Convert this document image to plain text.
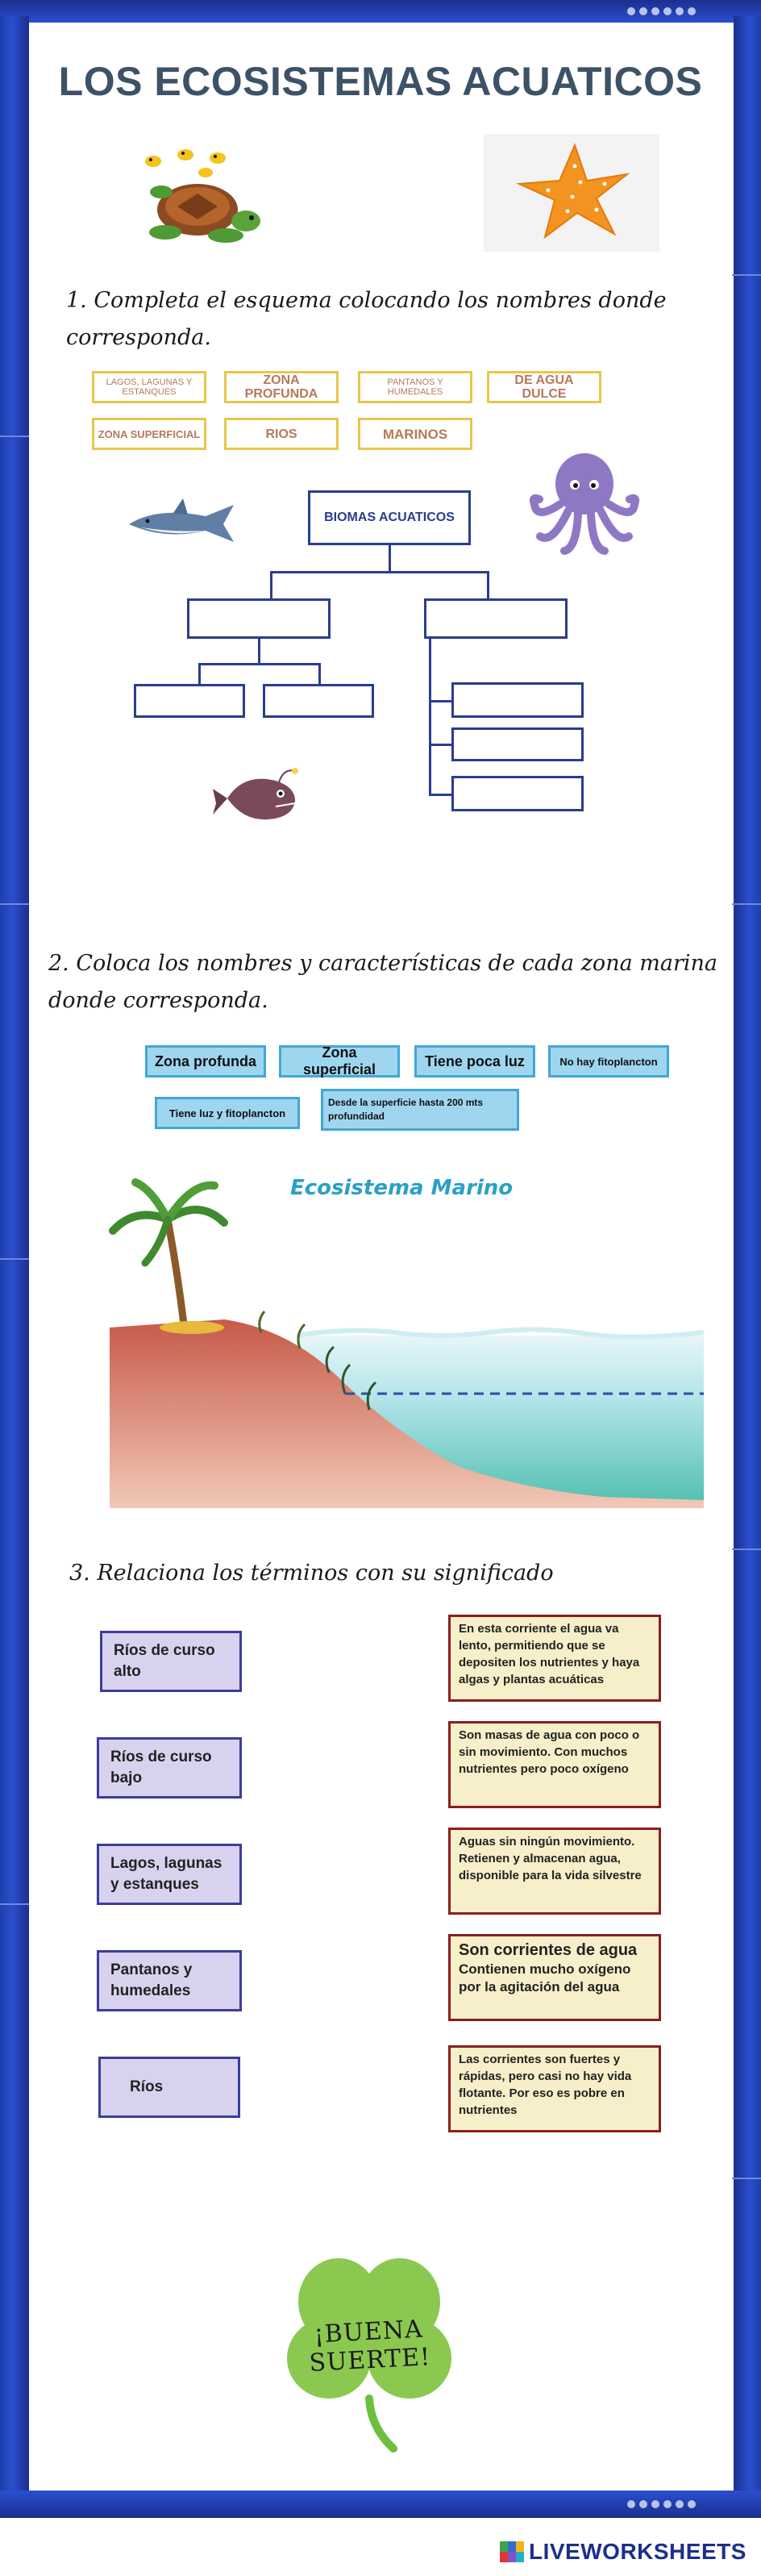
LOS ECOSISTEMAS ACUATICOS
1. Completa el esquema colocando los nombres donde
corresponda.
LAGOS, LAGUNAS Y ESTANQUES
ZONA PROFUNDA
PANTANOS Y HUMEDALES
DE AGUA DULCE
ZONA SUPERFICIAL	RIOS	MARINOS
BIOMAS ACUATICOS
2. Coloca los nombres y características de cada zona marina
donde corresponda.
Zona profunda
Zona superficial
Tiene poca luz	No hay fitoplancton
Tiene luz y fitoplancton
Desde la superficie hasta 200 mts profundidad
Ecosistema Marino
3. Relaciona los términos con su significado
Ríos de curso alto
Ríos de curso bajo
Lagos, lagunas y estanques
Pantanos y humedales
Ríos
En esta corriente el agua va lento, permitiendo que se depositen los nutrientes y haya algas y plantas acuáticas
Son masas de agua con poco o sin movimiento. Con muchos nutrientes pero poco oxígeno
Aguas sin ningún movimiento. Retienen y almacenan agua, disponible para la vida silvestre
Son corrientes de agua
Contienen mucho oxígeno por la agitación del agua
Las corrientes son fuertes y rápidas, pero casi no hay vida flotante. Por eso es pobre en nutrientes
¡BUENA SUERTE!
LIVEWORKSHEETS
